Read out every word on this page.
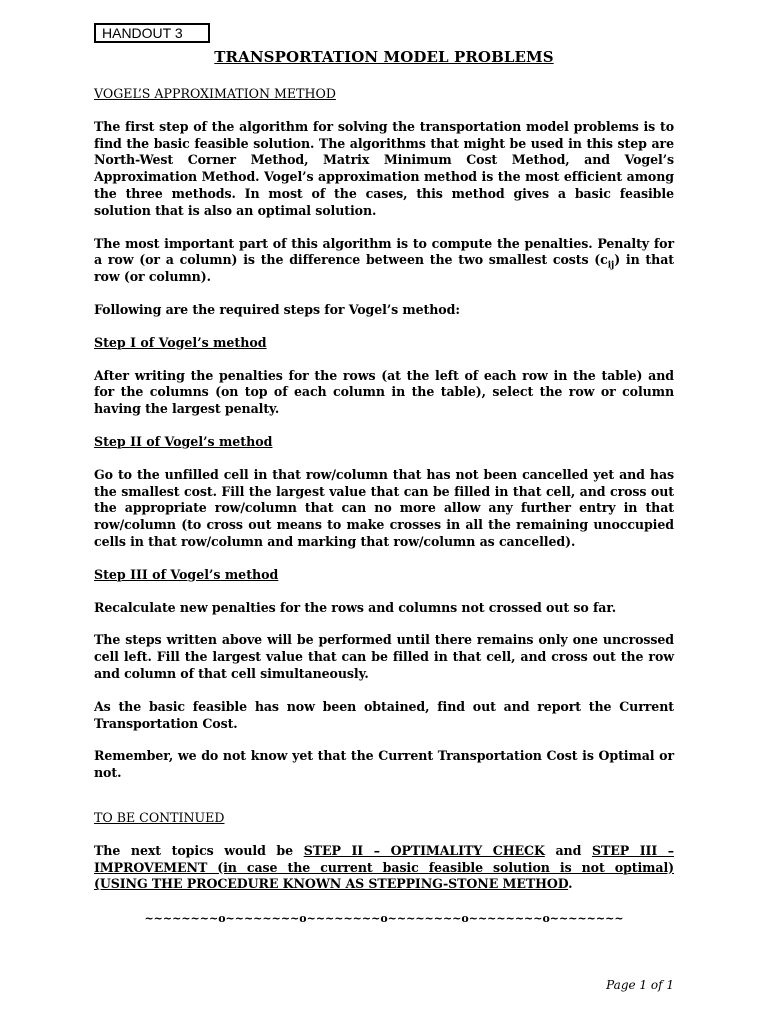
HANDOUT 3
TRANSPORTATION MODEL PROBLEMS

VOGEL’S APPROXIMATION METHOD

The first step of the algorithm for solving the transportation model problems is to find the basic feasible solution. The algorithms that might be used in this step are North-West Corner Method, Matrix Minimum Cost Method, and Vogel’s Approximation Method. Vogel’s approximation method is the most efficient among the three methods. In most of the cases, this method gives a basic feasible solution that is also an optimal solution.

The most important part of this algorithm is to compute the penalties. Penalty for a row (or a column) is the difference between the two smallest costs $(c_{ij})$ in that row (or column).

Following are the required steps for Vogel’s method:

Step I of Vogel’s method

After writing the penalties for the rows (at the left of each row in the table) and for the columns (on top of each column in the table), select the row or column having the largest penalty.

Step II of Vogel’s method

Go to the unfilled cell in that row/column that has not been cancelled yet and has the smallest cost. Fill the largest value that can be filled in that cell, and cross out the appropriate row/column that can no more allow any further entry in that row/column (to cross out means to make crosses in all the remaining unoccupied cells in that row/column and marking that row/column as cancelled).

Step III of Vogel’s method

Recalculate new penalties for the rows and columns not crossed out so far.

The steps written above will be performed until there remains only one uncrossed cell left. Fill the largest value that can be filled in that cell, and cross out the row and column of that cell simultaneously.

As the basic feasible has now been obtained, find out and report the Current Transportation Cost.

Remember, we do not know yet that the Current Transportation Cost is Optimal or not.

TO BE CONTINUED

The next topics would be STEP II – OPTIMALITY CHECK and STEP III – IMPROVEMENT (in case the current basic feasible solution is not optimal) (USING THE PROCEDURE KNOWN AS STEPPING-STONE METHOD.

~~~~~~~~o~~~~~~~~o~~~~~~~~o~~~~~~~~o~~~~~~~~o~~~~~~~~
Page 1 of 1
